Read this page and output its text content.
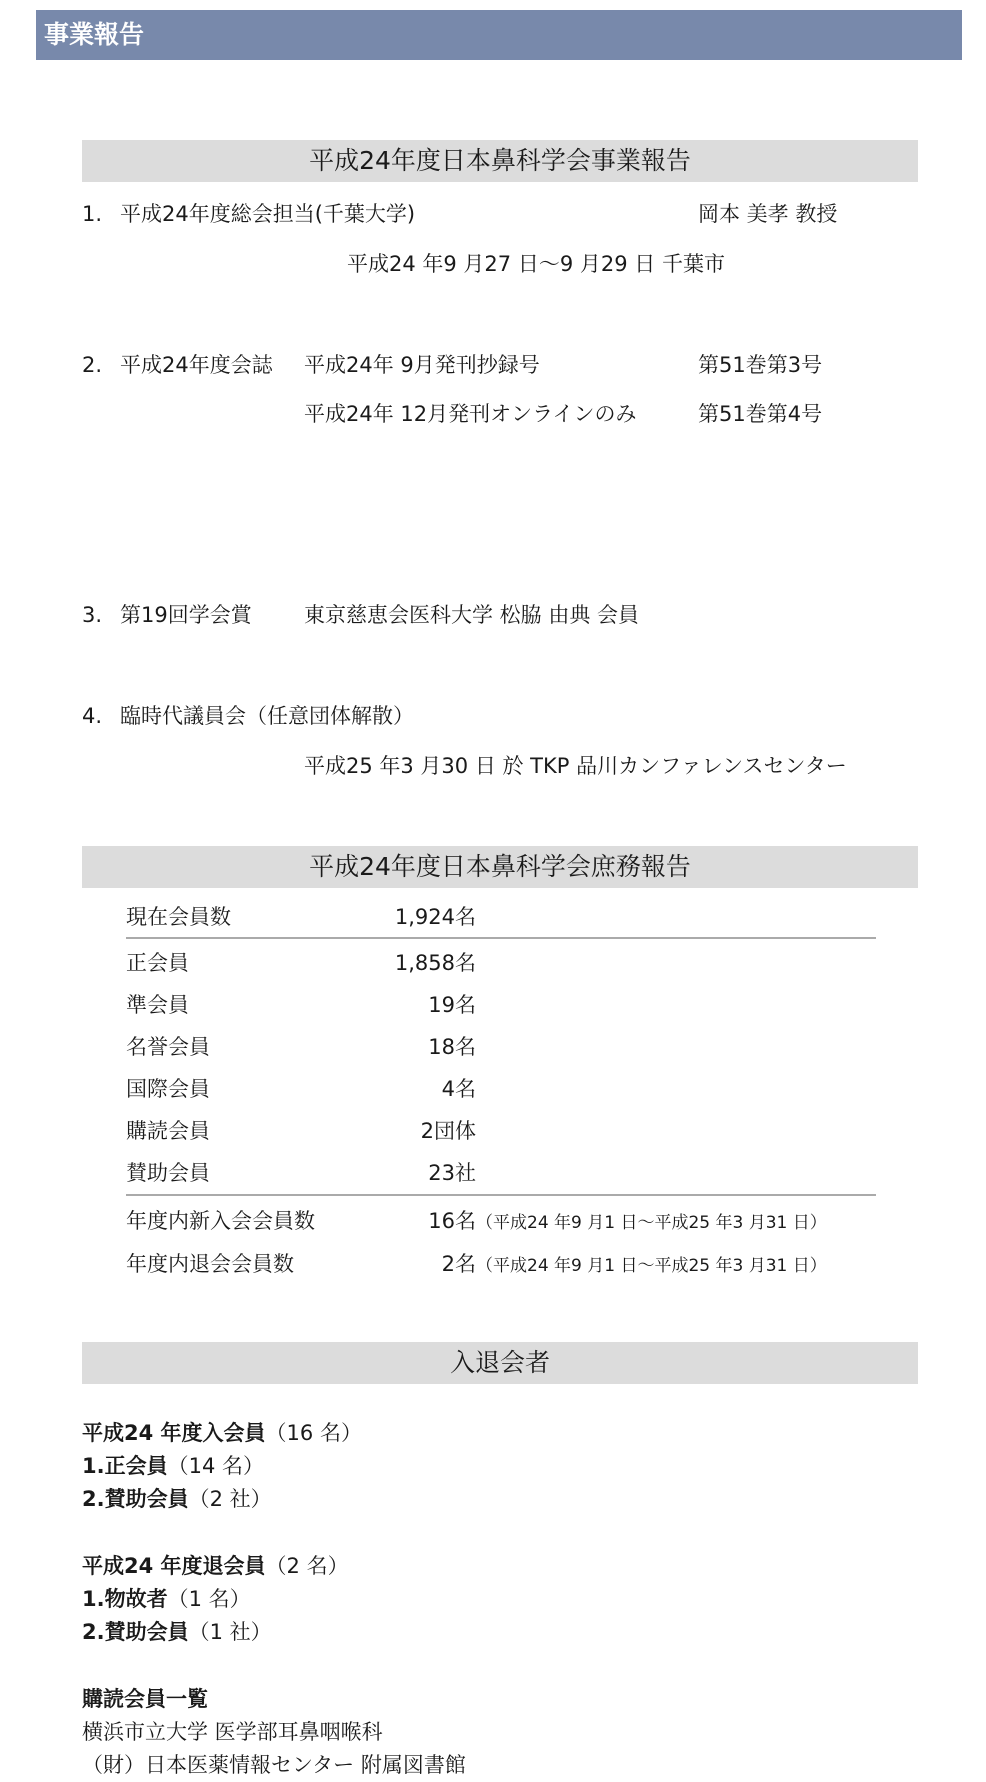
事業報告
平成24年度日本鼻科学会事業報告
1. 平成24年度総会担当(千葉大学)	岡本 美孝 教授
平成24 年9 月27 日〜9 月29 日 千葉市
2. 平成24年度会誌 平成24年 9月発刊抄録号	第51巻第3号
平成24年 12月発刊オンラインのみ	第51巻第4号
3. 第19回学会賞 東京慈恵会医科大学 松脇 由典 会員
4. 臨時代議員会（任意団体解散）
平成25 年3 月30 日 於 TKP 品川カンファレンスセンター
平成24年度日本鼻科学会庶務報告
現在会員数	1,924名
正会員	1,858名
準会員	19名
名誉会員	18名
国際会員	4名
購読会員	2団体
賛助会員	23社
年度内新入会会員数	16名 （平成24 年9 月1 日〜平成25 年3 月31 日）
年度内退会会員数	2名 （平成24 年9 月1 日〜平成25 年3 月31 日）
入退会者
平成24 年度入会員（16 名）
1.正会員（14 名）
2.賛助会員（2 社）
平成24 年度退会員（2 名）
1.物故者（1 名）
2.賛助会員（1 社）
購読会員一覧
横浜市立大学 医学部耳鼻咽喉科
（財）日本医薬情報センター 附属図書館
